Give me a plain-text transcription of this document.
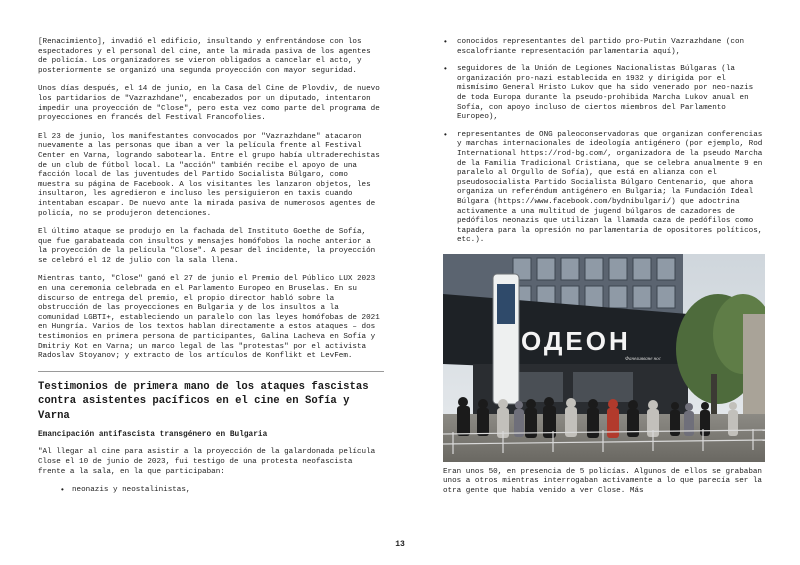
[Renacimiento], invadió el edificio, insultando y enfrentándose con los espectadores y el personal del cine, ante la mirada pasiva de los agentes de policía. Los organizadores se vieron obligados a cancelar el acto, y posteriormente se organizó una segunda proyección con mayor seguridad.

Unos días después, el 14 de junio, en la Casa del Cine de Plovdiv, de nuevo los partidarios de "Vazrazhdane", encabezados por un diputado, intentaron impedir una proyección de "Close", pero esta vez como parte del programa de proyecciones en francés del Festival Francofolies.

El 23 de junio, los manifestantes convocados por "Vazrazhdane" atacaron nuevamente a las personas que iban a ver la película frente al Festival Center en Varna, logrando sabotearla. Entre el grupo había ultraderechistas de un club de fútbol local. La "acción" también recibe el apoyo de una facción local de las juventudes del Partido Socialista Búlgaro, como muestra su página de Facebook. A los visitantes les lanzaron objetos, les insultaron, les agredieron e incluso les persiguieron en taxis cuando intentaban escapar. De nuevo ante la mirada pasiva de numerosos agentes de policía, no se produjeron detenciones.

El último ataque se produjo en la fachada del Instituto Goethe de Sofía, que fue garabateada con insultos y mensajes homófobos la noche anterior a la proyección de la película "Close". A pesar del incidente, la proyección se celebró el 12 de julio con la sala llena.

Mientras tanto, "Close" ganó el 27 de junio el Premio del Público LUX 2023 en una ceremonia celebrada en el Parlamento Europeo en Bruselas. En su discurso de entrega del premio, el propio director habló sobre la obstrucción de las proyecciones en Bulgaria y de los insultos a la comunidad LGBTI+, estableciendo un paralelo con las leyes homófobas de 2021 en Hungría. Varios de los textos hablan directamente a estos ataques – dos testimonios en primera persona de participantes, Galina Lacheva en Sofía y Dmitriy Kot en Varna; un marco legal de las "protestas" por el activista Radoslav Stoyanov; y extracto de los artículos de Konflikt et LevFem.

Testimonios de primera mano de los ataques fascistas contra asistentes pacíficos en el cine en Sofía y Varna
Emancipación antifascista transgénero en Bulgaria

"Al llegar al cine para asistir a la proyección de la galardonada película Close el 10 de junio de 2023, fui testigo de una protesta neofascista frente a la sala, en la que participaban:

• neonazis y neostalinistas,
• conocidos representantes del partido pro-Putin Vazrazhdane (con escalofriante representación parlamentaria aquí),
• seguidores de la Unión de Legiones Nacionalistas Búlgaras (la organización pro-nazi establecida en 1932 y dirigida por el mismísimo General Hristo Lukov que ha sido venerado por neo-nazis de toda Europa durante la pseudo-prohibida Marcha Lukov anual en Sofía, con apoyo incluso de ciertos miembros del Parlamento Europeo),
• representantes de ONG paleoconservadoras que organizan conferencias y marchas internacionales de ideología antigénero (por ejemplo, Rod International https://rod-bg.com/, organizadora de la pseudo Marcha de la Familia Tradicional Cristiana, que se celebra anualmente 9 en paralelo al Orgullo de Sofía), que está en alianza con el pseudosocialista Partido Socialista Búlgaro Centenario, que ahora organiza un referéndum antigénero en Bulgaria; la Fundación Ideal Búlgara (https://www.facebook.com/bydnibulgari/) que adoctrina activamente a una multitud de jugend búlgaros de cazadores de pedófilos neonazis que utilizan la llamada caza de pedófilos como tapadera para la opresión no parlamentaria de opositores políticos, etc.).
ОДЕОН
Фанелияване нос

Eran unos 50, en presencia de 5 policías. Algunos de ellos se grababan unos a otros mientras interrogaban activamente a lo que parecía ser la otra gente que había venido a ver Close. Más

13
